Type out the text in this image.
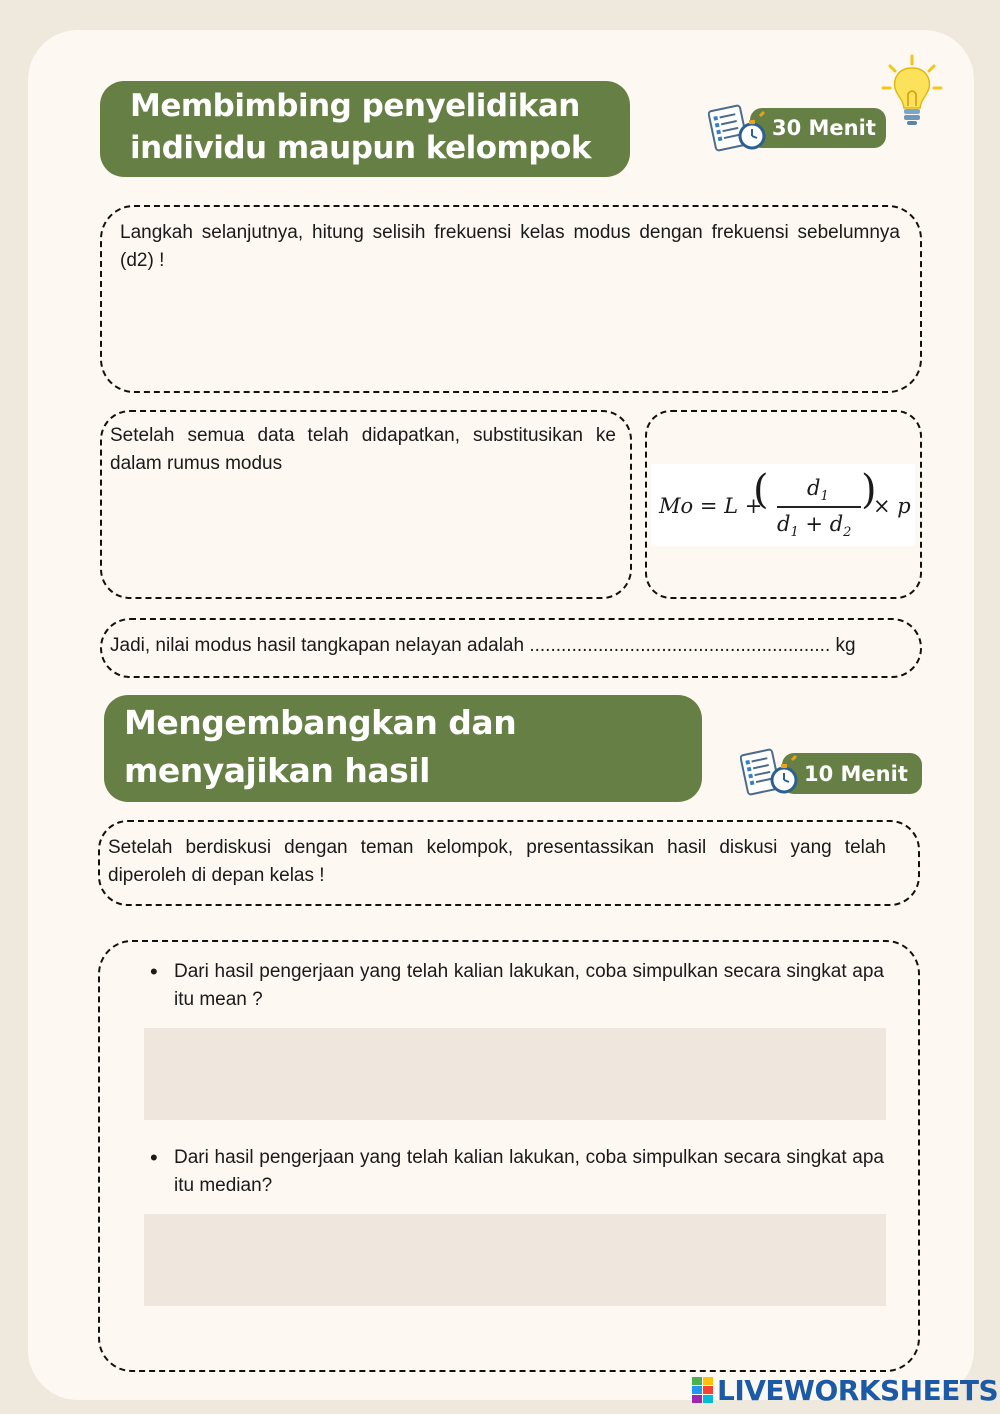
Membimbing penyelidikan
individu maupun kelompok
30 Menit
Langkah selanjutnya, hitung selisih frekuensi kelas modus dengan frekuensi sebelumnya (d2) !
Setelah semua data telah didapatkan, substitusikan ke dalam rumus modus
Mo = L +
( $d_1$
$d_1 + d_2$
)
× p
Jadi, nilai modus hasil tangkapan nelayan adalah ......................................................... kg
Mengembangkan dan
menyajikan hasil	10 Menit
Setelah berdiskusi dengan teman kelompok, presentassikan hasil diskusi yang telah diperoleh di depan kelas !
• Dari hasil pengerjaan yang telah kalian lakukan, coba simpulkan secara singkat apa itu mean ?
• Dari hasil pengerjaan yang telah kalian lakukan, coba simpulkan secara singkat apa itu median?
LIVEWORKSHEETS
